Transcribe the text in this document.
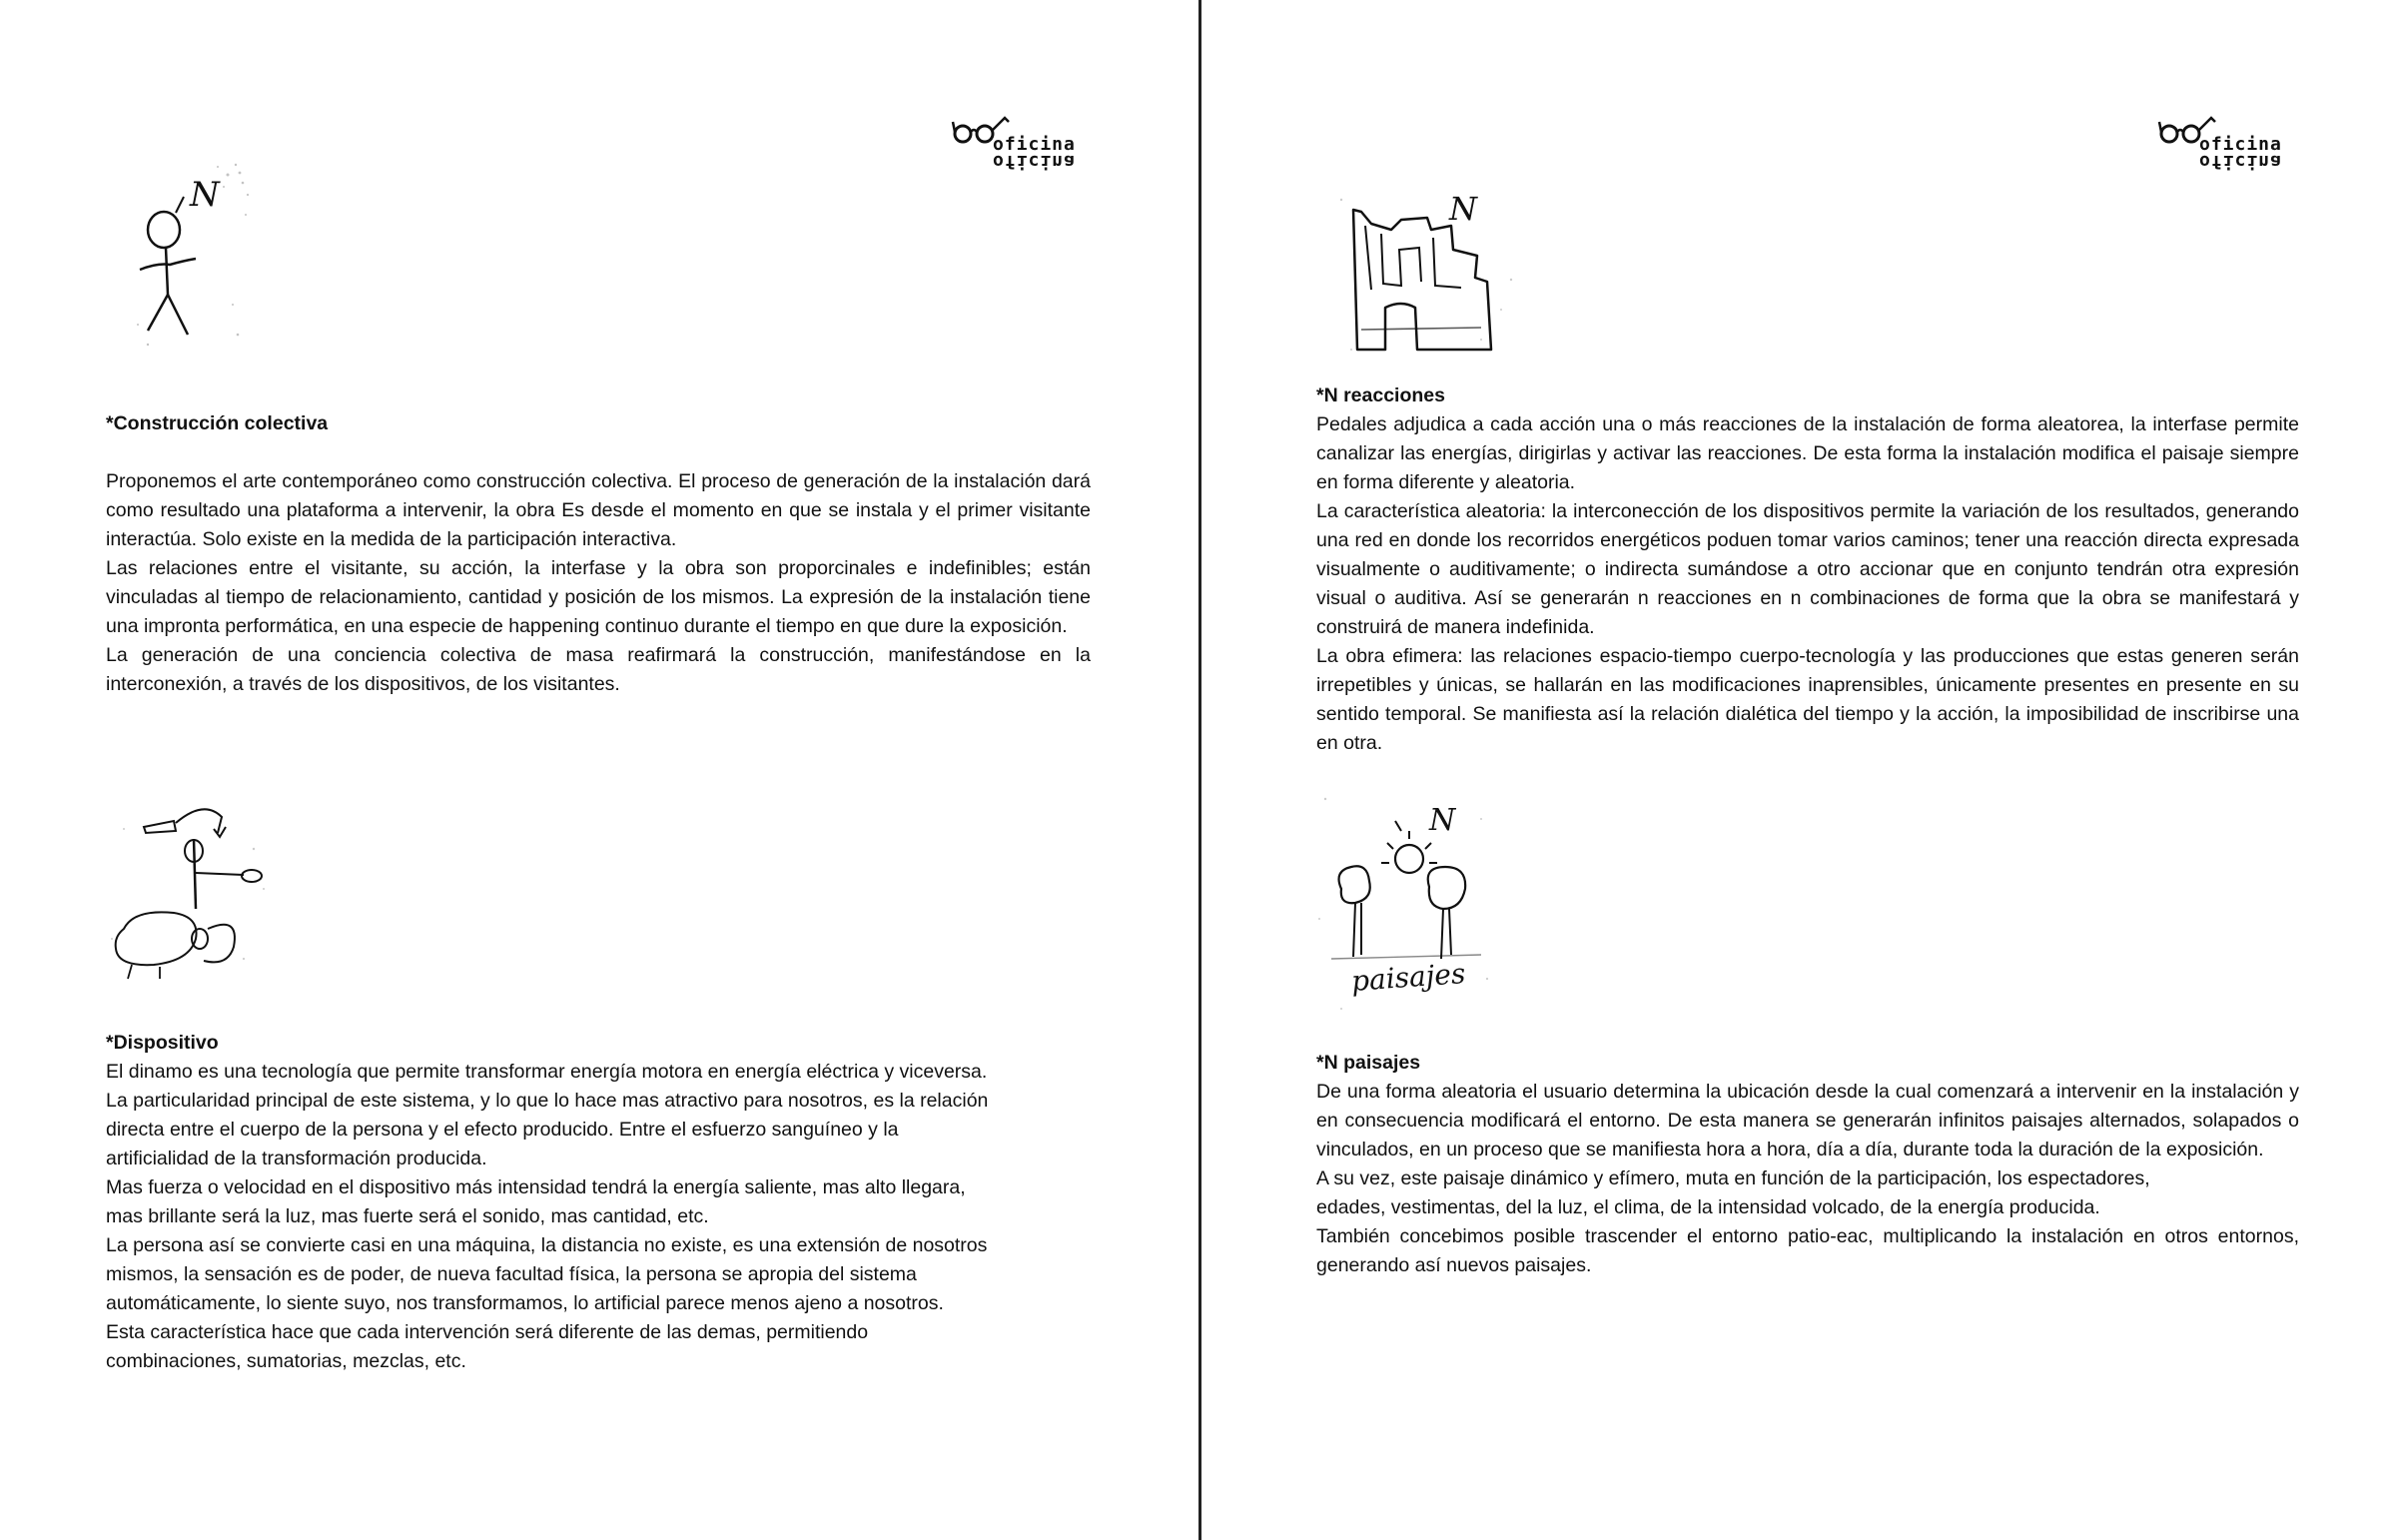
oficina
oficina
N

*Construcción colectiva

Proponemos el arte contemporáneo como construcción colectiva. El proceso de generación de la instalación dará como resultado una plataforma a intervenir, la obra Es desde el momento en que se instala y el primer visitante interactúa. Solo existe en la medida de la participación interactiva.

Las relaciones entre el visitante, su acción, la interfase y la obra son proporcinales e indefinibles; están vinculadas al tiempo de relacionamiento, cantidad y posición de los mismos. La expresión de la instalación tiene una impronta performática, en una especie de happening continuo durante el tiempo en que dure la exposición.

La generación de una conciencia colectiva de masa reafirmará la construcción, manifestándose en la interconexión, a través de los dispositivos, de los visitantes.

*Dispositivo

El dinamo es una tecnología que permite transformar energía motora en energía eléctrica y viceversa.

La particularidad principal de este sistema, y lo que lo hace mas atractivo para nosotros, es la relación

directa entre el cuerpo de la persona y el efecto producido. Entre el esfuerzo sanguíneo y la

artificialidad de la transformación producida.

Mas fuerza o velocidad en el dispositivo más intensidad tendrá la energía saliente, mas alto llegara,

mas brillante será la luz, mas fuerte será el sonido, mas cantidad, etc.

La persona así se convierte casi en una máquina, la distancia no existe, es una extensión de nosotros

mismos, la sensación es de poder, de nueva facultad física, la persona se apropia del sistema

automáticamente, lo siente suyo, nos transformamos, lo artificial parece menos ajeno a nosotros.

Esta característica hace que cada intervención será diferente de las demas, permitiendo

combinaciones, sumatorias, mezclas, etc.

oficina
oficina
N

*N reacciones

Pedales adjudica a cada acción una o más reacciones de la instalación de forma aleatorea, la interfase permite canalizar las energías, dirigirlas y activar las reacciones. De esta forma la instalación modifica el paisaje siempre en forma diferente y aleatoria.

La característica aleatoria: la interconección de los dispositivos permite la variación de los resultados, generando una red en donde los recorridos energéticos poduen tomar varios caminos; tener una reacción directa expresada visualmente o auditivamente; o indirecta sumándose a otro accionar que en conjunto tendrán otra expresión visual o auditiva. Así se generarán n reacciones en n combinaciones de forma que la obra se manifestará y construirá de manera indefinida.

La obra efimera: las relaciones espacio-tiempo cuerpo-tecnología y las producciones que estas generen serán irrepetibles y únicas, se hallarán en las modificaciones inaprensibles, únicamente presentes en presente en su sentido temporal. Se manifiesta así la relación dialética del tiempo y la acción, la imposibilidad de inscribirse una en otra.

N
paisajes

*N paisajes

De una forma aleatoria el usuario determina la ubicación desde la cual comenzará a intervenir en la instalación y en consecuencia modificará el entorno. De esta manera se generarán infinitos paisajes alternados, solapados o vinculados, en un proceso que se manifiesta hora a hora, día a día, durante toda la duración de la exposición.

A su vez, este paisaje dinámico y efímero, muta en función de la participación, los espectadores,

edades, vestimentas, del la luz, el clima, de la intensidad volcado, de la energía producida.

También concebimos posible trascender el entorno patio-eac, multiplicando la instalación en otros entornos, generando así nuevos paisajes.
